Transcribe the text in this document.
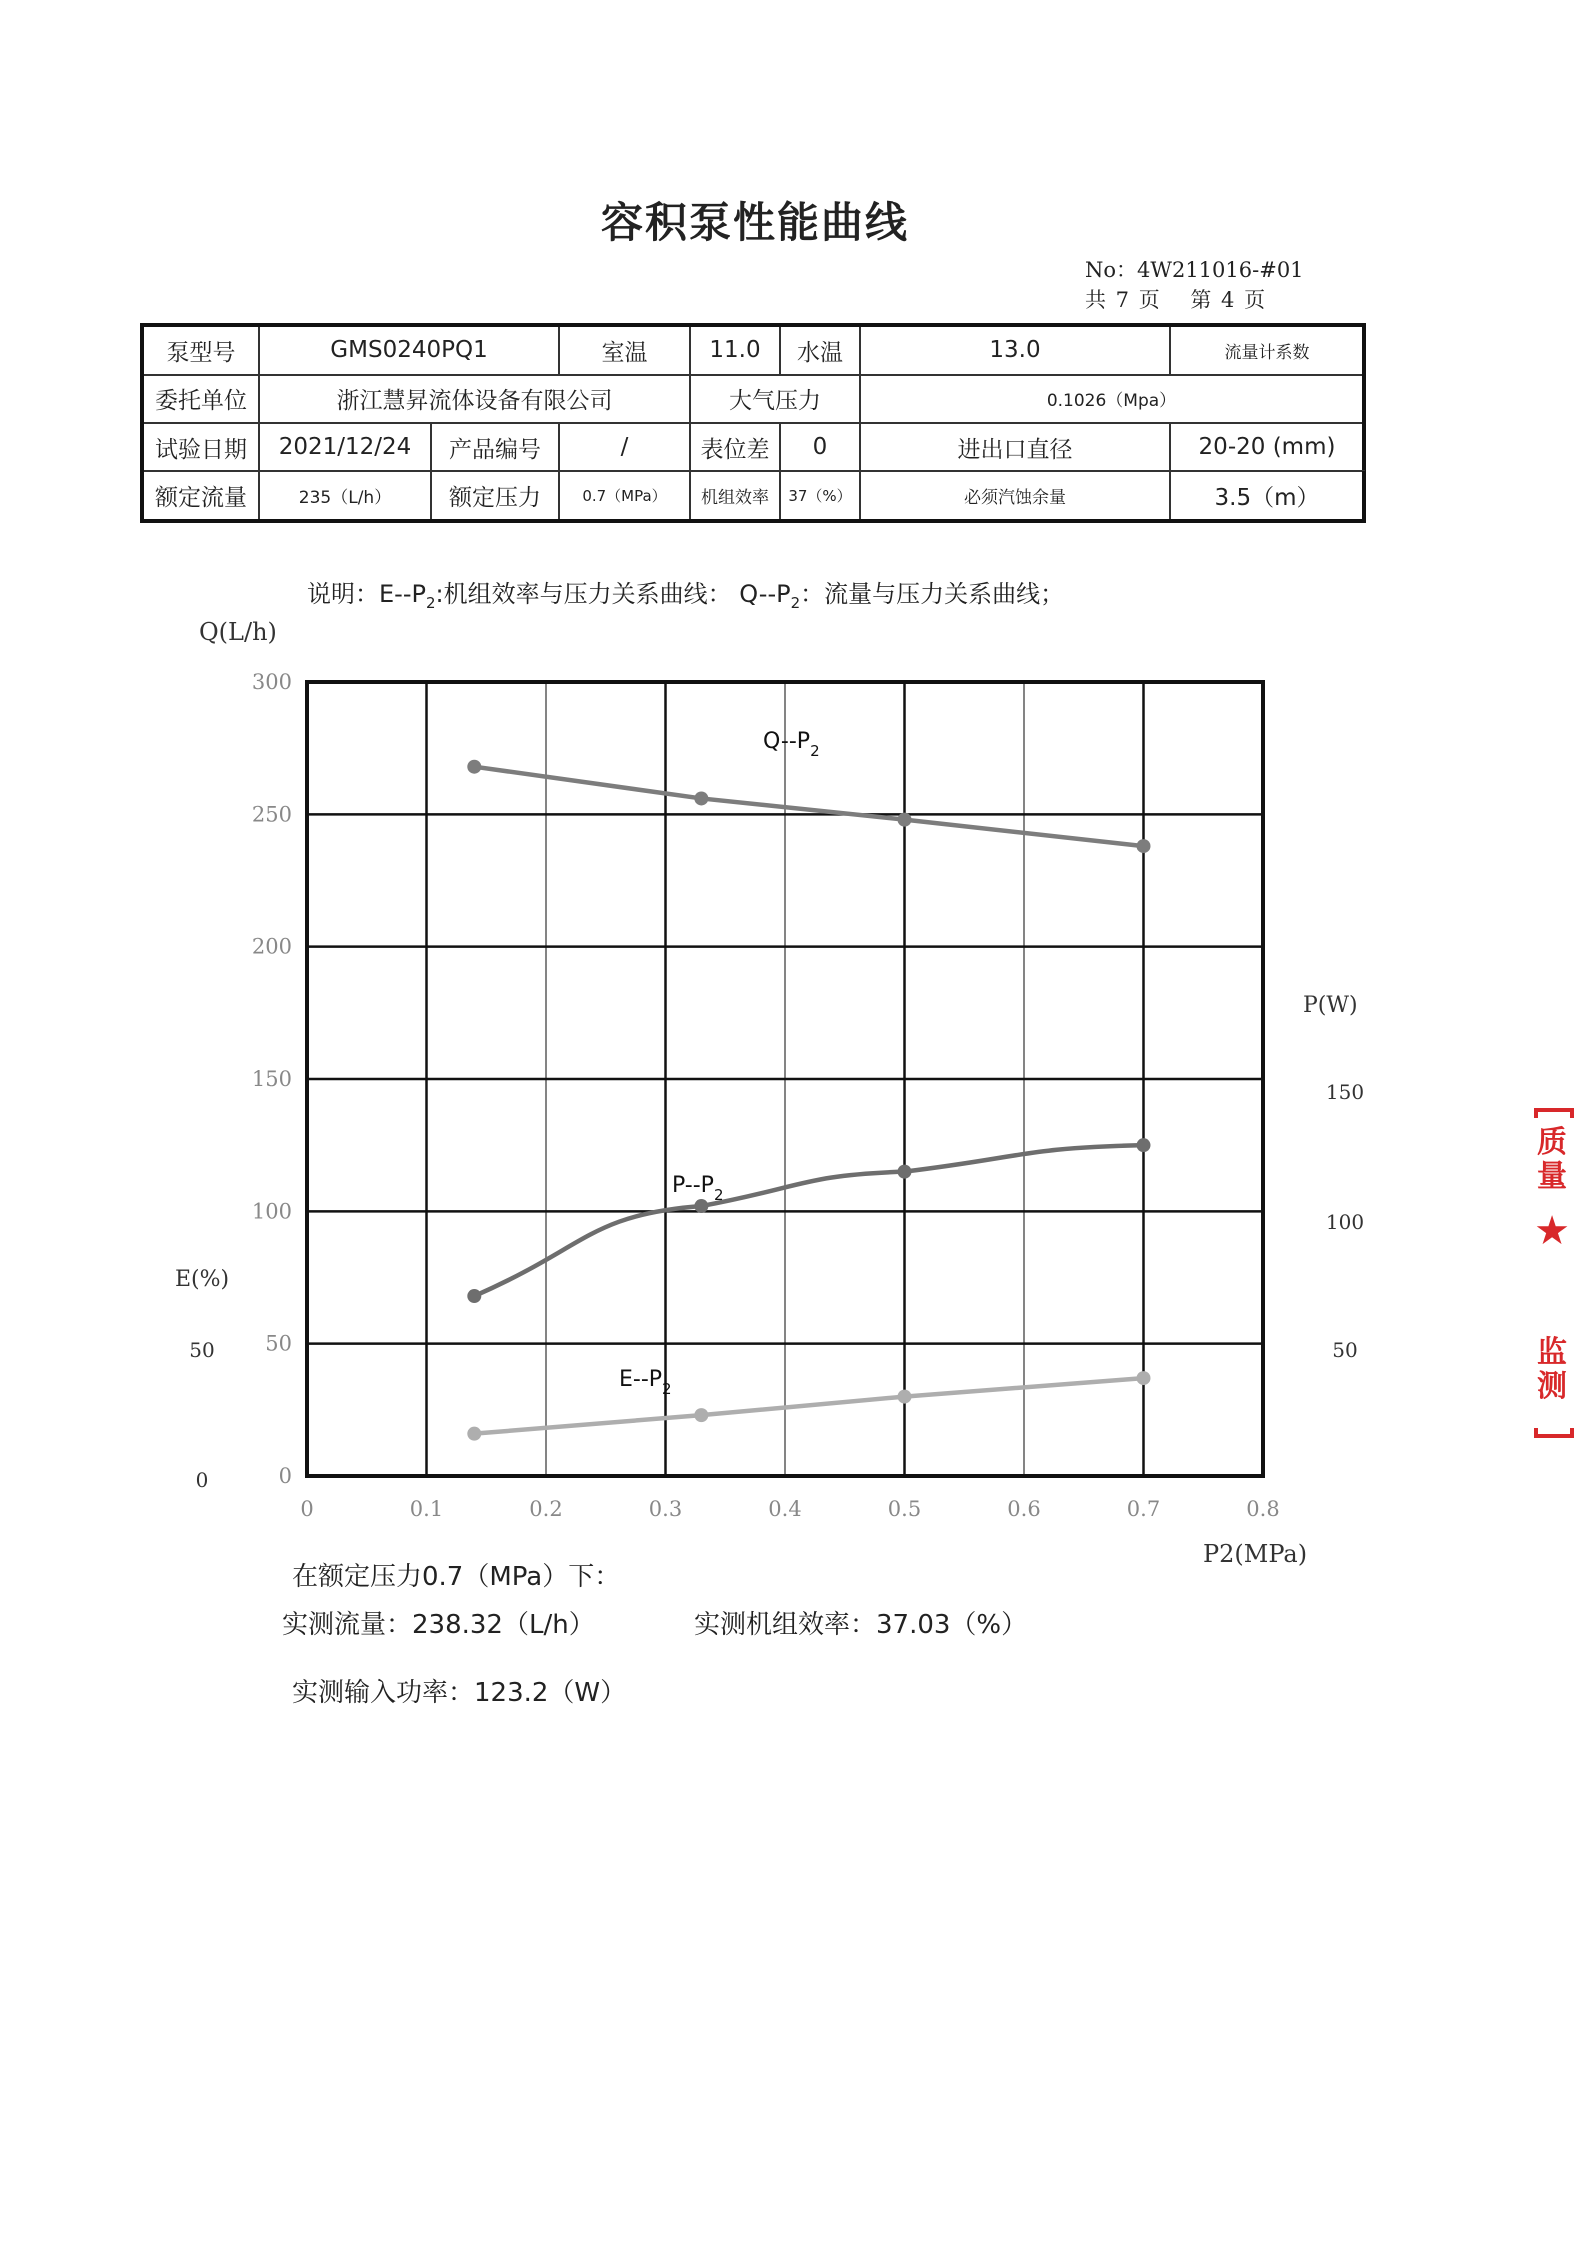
容积泵性能曲线
No：4W211016-#01
共 7 页　 第 4 页
泵型号	GMS0240PQ1		室温	11.0	水温	13.0	流量计系数	
委托单位	浙江慧昇流体设备有限公司			大气压力		0.1026（Mpa）		
试验日期	2021/12/24	产品编号	/	表位差	0	进出口直径	20-20 (mm)	
额定流量	235（L/h）	额定压力	0.7（MPa）	机组效率	37（%）	必须汽蚀余量	3.5（m）	
说明：$E--P_2$:机组效率与压力关系曲线： $Q--P_2$：流量与压力关系曲线；
0
50
100
150
200
250
300
0	0.1	0.2	0.3	0.4	0.5	0.6	0.7	0.8
50
100
150
0
50
Q(L/h)
P(W)
E(%)
P2(MPa)
$Q--P_2$
$P--P_2$
$E--P_2$
在额定压力0.7（MPa）下：
实测流量：238.32（L/h）	实测机组效率：37.03（%）
实测输入功率：123.2（W）
质量
★
监测
